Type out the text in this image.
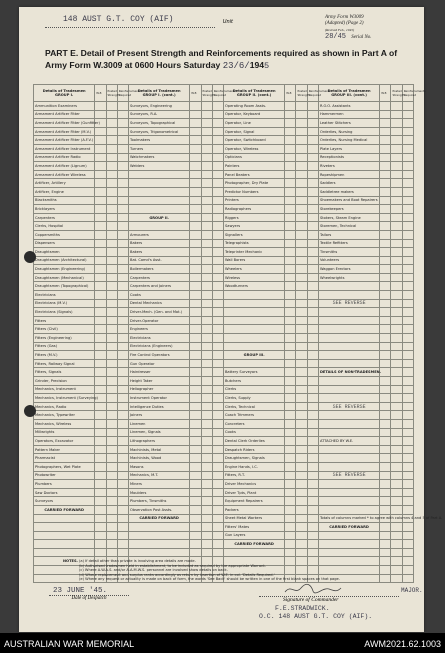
148 AUST G.T. COY (AIF)	Unit
Army Form W3009
(Adapted) (Page 2)
(Revised Feb., 1945)
28/45 Serial No.
PART E. Detail of Present Strength and Reinforcements required as shown in Part A of Army Form W.3009 at 0600 Hours Saturday 23/6/1945
Details of Tradesmen GROUP I.	W.E.	Posted Strength	Reinforcements Required	Details of Tradesmen GROUP I. (cont.)	W.E.	Posted Strength	Reinforcements Required	Details of Tradesmen GROUP II. (cont.)	W.E.	Posted Strength	Reinforcements Required	Details of Tradesmen GROUP III. (cont.)	W.E.	Posted Strength	Reinforcements Required
Ammunition Examiners				Surveyors, Engineering				Operating Room Assts.				R.O.O. Assistants			
Armament Artificer Fitter				Surveyors, R.A.				Operator, Keyboard				Hammermen			
Armament Artificer Fitter (Gunfitter)				Surveyors, Topographical				Operator, Line				Leather Stitchers			
Armament Artificer Fitter (M.V.)				Surveyors, Trigonometrical				Operator, Signal				Orderlies, Nursing			
Armament Artificer Fitter (A.F.V.)				Toolmakers				Operator, Switchboard				Orderlies, Nursing Medical			
Armament Artificer Instrument				Turners				Operator, Wireless				Plate Layers			
Armament Artificer Radio				Watchmakers				Opticians				Receptionists			
Armament Artificer (Lignum)				Welders				Painters				Riveters			
Armament Artificer Wireless								Panel Beaters				Ropeshipmen			
Artificer, Artillery								Photographer, Dry Plate				Saddlers			
Artificer, Engine								Predictor Numbers				Saddletree makers			
Blacksmiths								Printers				Shoemakers and Boot Repairers			
Bricklayers								Radiographers				Storekeepers			
Carpenters				GROUP II.				Riggers				Stokers, Steam Engine			
Clerks, Hospital								Sawyers				Storemen, Technical			
Coppersmiths				Armourers				Signallers				Tailors			
Dispensers				Bakers				Telegraphists				Textile Refitters			
Draughtsmen				Bakers				Teleprinter Mechanic				Tinsmiths			
Draughtsmen (Architectural)				Bat. Comd's Asst.				Wall Borers				Volunteers			
Draughtsmen (Engineering)				Boilermakers				Wheelers				Waggon Erectors			
Draughtsmen (Mechanical)				Carpenters				Wireless				Wheelwrights			
Draughtsmen (Topographical)				Carpenters and Joiners				Woodturners							
Electricians				Cooks											
Electricians (M.V.)				Dental Mechanics								SEE REVERSE			
Electricians (Signals)				Driver-Mech. (Gen. and Mot.)											
Fitters				Driver-Operator											
Fitters (Civil)				Engineers											
Fitters (Engineering)				Electricians											
Fitters (Gas)				Electricians (Engineers)											
Fitters (M.V.)				Fire Control Operators				GROUP III.							
Fitters, Railway Signal				Gun Operator											
Fitters, Signals				Hairdresser				Battery Surveyors				DETAILS OF NON-TRADESMEN.			
Grinder, Precision				Height Taker				Butchers							
Mechanics, Instrument				Heliographer				Clerks							
Mechanics, Instrument (Surveying)				Instrument Operator				Clerks, Supply							
Mechanics, Radio				Intelligence Duties				Clerks, Technical				SEE REVERSE			
Mechanics, Typewriter				Joiners				Coach Trimmers							
Mechanics, Wireless				Linemen				Concreters							
Millwrights				Linemen, Signals				Cooks							
Operators, Excavator				Lithographers				Dental Clerk Orderlies				ATTACHED BY W.E.			
Pattern Maker				Machinists, Metal				Despatch Riders							
Pharmacist				Machinists, Wood				Draughtsmen, Signals							
Photographers, Wet Plate				Masons				Engine Hands, I.C.							
Photowriter				Mechanics, M.T.				Fitters, R.T.				SEE REVERSE			
Plumbers				Miners				Driver Mechanics							
Saw Doctors				Moulders				Driver Tpts, Plant							
Surveyors				Plumbers, Tinsmiths				Equipment Repairers							
CARRIED FORWARD				Observation Post Assts.				Packers							
				CARRIED FORWARD				Sheet Metal Workers				Totals of columns marked * to agree with columns 4 and 5 of Part A.			
								Fitters' Mates				CARRIED FORWARD			
								Gun Layers							
								CARRIED FORWARD							

NOTES. (a) If detail other than private is involving area details are made.
(b) Authorised tradesmen held in establishment, to be included as required by the appropriate Warrant.
(c) Where A.W.A.S. and/or A.A.M.W.S. personnel are involved show details on back.
(d) Where replacement and surplus ranks accordingly as return by insertion of W.E. in col. 'Details Required.'
(e) Where any request or actuality is made on back of form, the words 'See Back' should be written in one of the first blank spaces on that page.
23 JUNE '45.
Date of Despatch
MAJOR.
Signature of Commander
F.E.STRADWICK.
O.C. 148 AUST G.T. COY (AIF).
AUSTRALIAN WAR MEMORIAL	AWM2021.62.1003
